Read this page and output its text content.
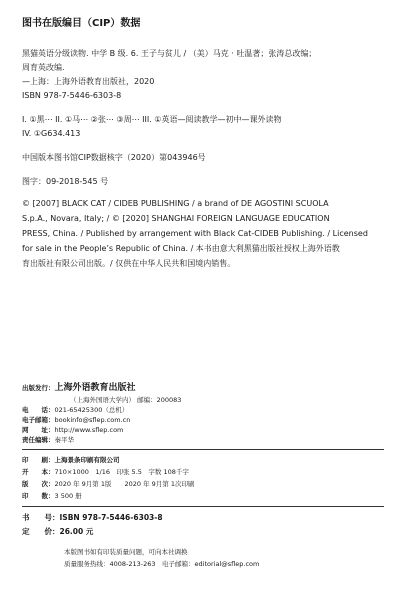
图书在版编目（CIP）数据
黑猫英语分级读物. 中学 B 级. 6. 王子与贫儿 / （美）马克 · 吐温著；张涛总改编；
周育英改编.
—上海：上海外语教育出版社，2020
ISBN 978-7-5446-6303-8
I. ①黑⋯ II. ①马⋯ ②张⋯ ③周⋯ III. ①英语—阅读教学—初中—课外读物
IV. ①G634.413
中国版本图书馆CIP数据核字（2020）第043946号
图字：09-2018-545 号
© [2007] BLACK CAT / CIDEB PUBLISHING / a brand of DE AGOSTINI SCUOLA
S.p.A., Novara, Italy; / © [2020] SHANGHAI FOREIGN LANGUAGE EDUCATION
PRESS, China. / Published by arrangement with Black Cat-CIDEB Publishing. / Licensed
for sale in the People’s Republic of China. / 本书由意大利黑猫出版社授权上海外语教
育出版社有限公司出版。/ 仅供在中华人民共和国境内销售。
出版发行：上海外语教育出版社
（上海外国语大学内） 邮编：200083
电　　话：021-65425300（总机）
电子邮箱：bookinfo@sflep.com.cn
网　　址：http://www.sflep.com
责任编辑：秦平华
印　　刷：上海景条印刷有限公司
开　　本：710×1000　1/16　印张 5.5　字数 108千字
版　　次：2020 年 9月第 1版　　2020 年 9月第 1次印刷
印　　数：3 500 册
书　　号：ISBN 978-7-5446-6303-8
定　　价：26.00 元
本版图书如有印装质量问题，可向本社调换
质量服务热线：4008-213-263　电子邮箱：editorial@sflep.com
